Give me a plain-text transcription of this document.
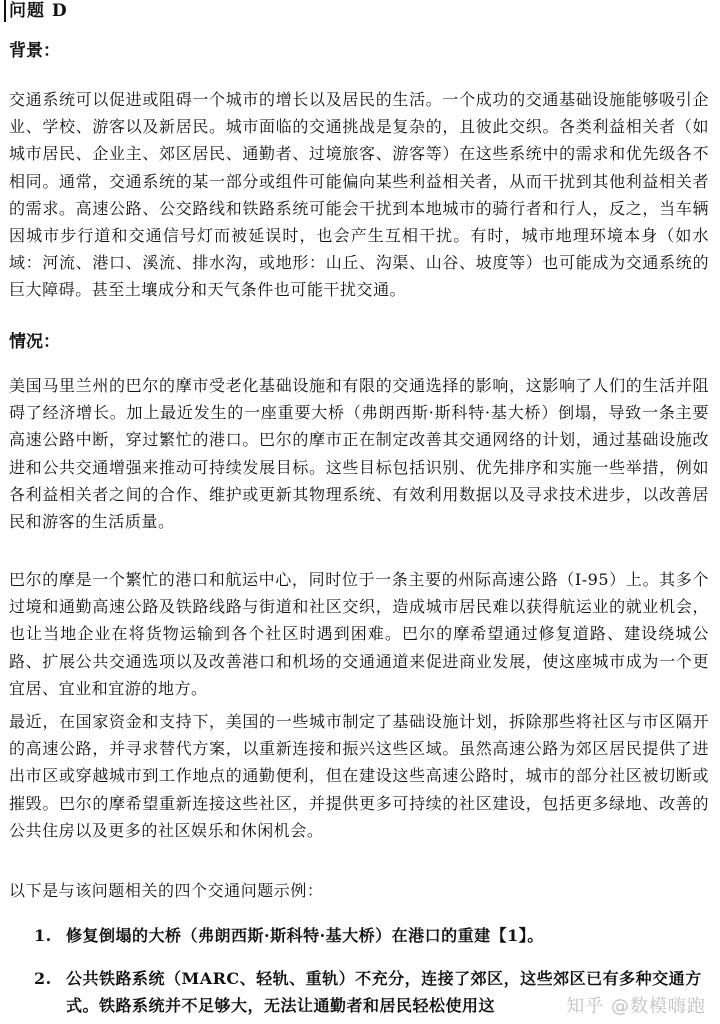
问题 D
背景：

交通系统可以促进或阻碍一个城市的增长以及居民的生活。一个成功的交通基础设施能够吸引企业、学校、游客以及新居民。城市面临的交通挑战是复杂的，且彼此交织。各类利益相关者（如城市居民、企业主、郊区居民、通勤者、过境旅客、游客等）在这些系统中的需求和优先级各不相同。通常，交通系统的某一部分或组件可能偏向某些利益相关者，从而干扰到其他利益相关者的需求。高速公路、公交路线和铁路系统可能会干扰到本地城市的骑行者和行人，反之，当车辆因城市步行道和交通信号灯而被延误时，也会产生互相干扰。有时，城市地理环境本身（如水域：河流、港口、溪流、排水沟，或地形：山丘、沟渠、山谷、坡度等）也可能成为交通系统的巨大障碍。甚至土壤成分和天气条件也可能干扰交通。

情况：

美国马里兰州的巴尔的摩市受老化基础设施和有限的交通选择的影响，这影响了人们的生活并阻碍了经济增长。加上最近发生的一座重要大桥（弗朗西斯·斯科特·基大桥）倒塌，导致一条主要高速公路中断，穿过繁忙的港口。巴尔的摩市正在制定改善其交通网络的计划，通过基础设施改进和公共交通增强来推动可持续发展目标。这些目标包括识别、优先排序和实施一些举措，例如各利益相关者之间的合作、维护或更新其物理系统、有效利用数据以及寻求技术进步，以改善居民和游客的生活质量。

巴尔的摩是一个繁忙的港口和航运中心，同时位于一条主要的州际高速公路（I-95）上。其多个过境和通勤高速公路及铁路线路与街道和社区交织，造成城市居民难以获得航运业的就业机会，也让当地企业在将货物运输到各个社区时遇到困难。巴尔的摩希望通过修复道路、建设绕城公路、扩展公共交通选项以及改善港口和机场的交通通道来促进商业发展，使这座城市成为一个更宜居、宜业和宜游的地方。

最近，在国家资金和支持下，美国的一些城市制定了基础设施计划，拆除那些将社区与市区隔开的高速公路，并寻求替代方案，以重新连接和振兴这些区域。虽然高速公路为郊区居民提供了进出市区或穿越城市到工作地点的通勤便利，但在建设这些高速公路时，城市的部分社区被切断或摧毁。巴尔的摩希望重新连接这些社区，并提供更多可持续的社区建设，包括更多绿地、改善的公共住房以及更多的社区娱乐和休闲机会。

以下是与该问题相关的四个交通问题示例：

1. 修复倒塌的大桥（弗朗西斯·斯科特·基大桥）在港口的重建【1】。
2. 公共铁路系统（MARC、轻轨、重轨）不充分，连接了郊区，这些郊区已有多种交通方式。铁路系统并不足够大，无法让通勤者和居民轻松使用这	知乎 @数模嗨跑
